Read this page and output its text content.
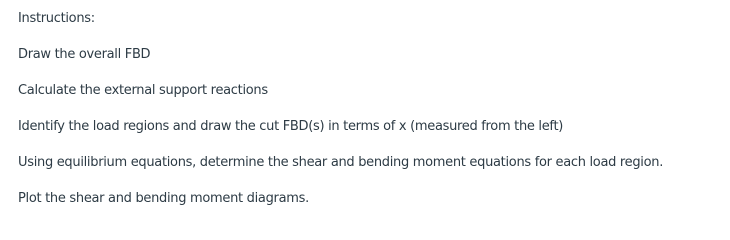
Instructions:

Draw the overall FBD

Calculate the external support reactions

Identify the load regions and draw the cut FBD(s) in terms of x (measured from the left)

Using equilibrium equations, determine the shear and bending moment equations for each load region.

Plot the shear and bending moment diagrams.
